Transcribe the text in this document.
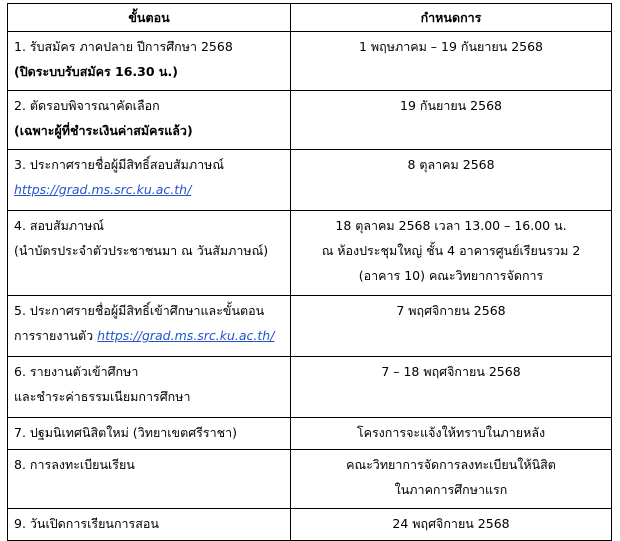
ขั้นตอน	กำหนดการ

1. รับสมัคร ภาคปลาย ปีการศึกษา 2568
(ปิดระบบรับสมัคร 16.30 น.)	1 พฤษภาคม – 19 กันยายน 2568

2. ตัดรอบพิจารณาคัดเลือก
(เฉพาะผู้ที่ชำระเงินค่าสมัครแล้ว)	19 กันยายน 2568

3. ประกาศรายชื่อผู้มีสิทธิ์สอบสัมภาษณ์
https://grad.ms.src.ku.ac.th/	8 ตุลาคม 2568

4. สอบสัมภาษณ์
(นำบัตรประจำตัวประชาชนมา ณ วันสัมภาษณ์)	18 ตุลาคม 2568 เวลา 13.00 – 16.00 น.
ณ ห้องประชุมใหญ่ ชั้น 4 อาคารศูนย์เรียนรวม 2
(อาคาร 10) คณะวิทยาการจัดการ

5. ประกาศรายชื่อผู้มีสิทธิ์เข้าศึกษาและขั้นตอน
การรายงานตัว https://grad.ms.src.ku.ac.th/	7 พฤศจิกายน 2568

6. รายงานตัวเข้าศึกษา
และชำระค่าธรรมเนียมการศึกษา	7 – 18 พฤศจิกายน 2568

7. ปฐมนิเทศนิสิตใหม่ (วิทยาเขตศรีราชา)	โครงการจะแจ้งให้ทราบในภายหลัง

8. การลงทะเบียนเรียน	คณะวิทยาการจัดการลงทะเบียนให้นิสิต
ในภาคการศึกษาแรก

9. วันเปิดการเรียนการสอน	24 พฤศจิกายน 2568
